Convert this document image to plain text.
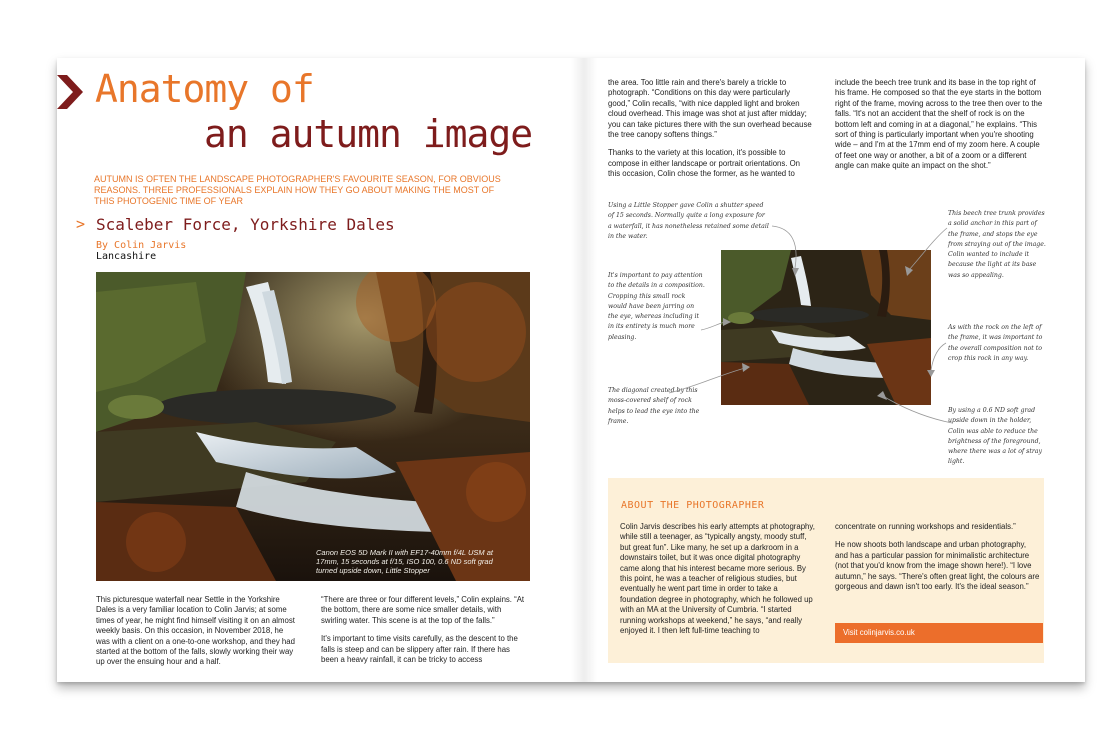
Anatomy of
an autumn image
AUTUMN IS OFTEN THE LANDSCAPE PHOTOGRAPHER'S FAVOURITE SEASON, FOR OBVIOUS REASONS. THREE PROFESSIONALS EXPLAIN HOW THEY GO ABOUT MAKING THE MOST OF THIS PHOTOGENIC TIME OF YEAR
> Scaleber Force, Yorkshire Dales
By Colin Jarvis
Lancashire
Canon EOS 5D Mark II with EF17-40mm f/4L USM at 17mm, 15 seconds at f/15, ISO 100, 0.6 ND soft grad turned upside down, Little Stopper

This picturesque waterfall near Settle in the Yorkshire Dales is a very familiar location to Colin Jarvis; at some times of year, he might find himself visiting it on an almost weekly basis. On this occasion, in November 2018, he was with a client on a one-to-one workshop, and they had started at the bottom of the falls, slowly working their way up over the ensuing hour and a half.

“There are three or four different levels,” Colin explains. “At the bottom, there are some nice smaller details, with swirling water. This scene is at the top of the falls.”

It's important to time visits carefully, as the descent to the falls is steep and can be slippery after rain. If there has been a heavy rainfall, it can be tricky to access

the area. Too little rain and there's barely a trickle to photograph. “Conditions on this day were particularly good,” Colin recalls, “with nice dappled light and broken cloud overhead. This image was shot at just after midday; you can take pictures there with the sun overhead because the tree canopy softens things.”

Thanks to the variety at this location, it's possible to compose in either landscape or portrait orientations. On this occasion, Colin chose the former, as he wanted to

include the beech tree trunk and its base in the top right of his frame. He composed so that the eye starts in the bottom right of the frame, moving across to the tree then over to the falls. “It's not an accident that the shelf of rock is on the bottom left and coming in at a diagonal,” he explains. “This sort of thing is particularly important when you're shooting wide – and I'm at the 17mm end of my zoom here. A couple of feet one way or another, a bit of a zoom or a different angle can make quite an impact on the shot.”

Using a Little Stopper gave Colin a shutter speed of 15 seconds. Normally quite a long exposure for a waterfall, it has nonetheless retained some detail in the water.
It's important to pay attention to the details in a composition. Cropping this small rock would have been jarring on the eye, whereas including it in its entirety is much more pleasing.
The diagonal created by this moss-covered shelf of rock helps to lead the eye into the frame.
This beech tree trunk provides a solid anchor in this part of the frame, and stops the eye from straying out of the image. Colin wanted to include it because the light at its base was so appealing.
As with the rock on the left of the frame, it was important to the overall composition not to crop this rock in any way.
By using a 0.6 ND soft grad upside down in the holder, Colin was able to reduce the brightness of the foreground, where there was a lot of stray light.
ABOUT THE PHOTOGRAPHER

Colin Jarvis describes his early attempts at photography, while still a teenager, as “typically angsty, moody stuff, but great fun”. Like many, he set up a darkroom in a downstairs toilet, but it was once digital photography came along that his interest became more serious. By this point, he was a teacher of religious studies, but eventually he went part time in order to take a foundation degree in photography, which he followed up with an MA at the University of Cumbria. “I started running workshops at weekend,” he says, “and really enjoyed it. I then left full-time teaching to

concentrate on running workshops and residentials.”

He now shoots both landscape and urban photography, and has a particular passion for minimalistic architecture (not that you'd know from the image shown here!). “I love autumn,” he says. “There's often great light, the colours are gorgeous and dawn isn't too early. It's the ideal season.”

Visit colinjarvis.co.uk
